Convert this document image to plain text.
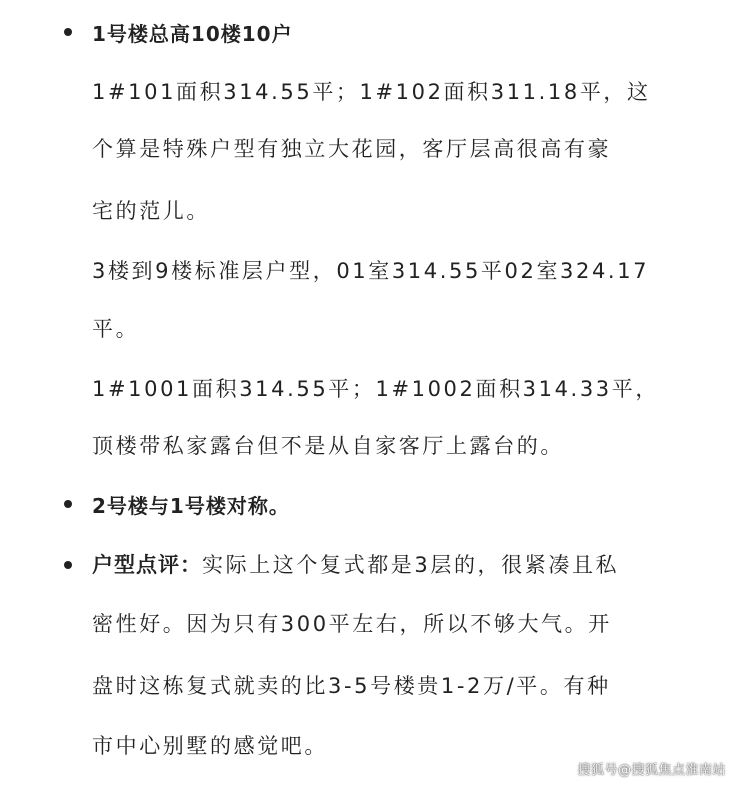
1号楼总高10楼10户
1#101面积314.55平；1#102面积311.18平，这
个算是特殊户型有独立大花园，客厅层高很高有豪
宅的范儿。
3楼到9楼标准层户型，01室314.55平02室324.17
平。
1#1001面积314.55平；1#1002面积314.33平，
顶楼带私家露台但不是从自家客厅上露台的。
2号楼与1号楼对称。
户型点评：实际上这个复式都是3层的，很紧凑且私
密性好。因为只有300平左右，所以不够大气。开
盘时这栋复式就卖的比3-5号楼贵1-2万/平。有种
市中心别墅的感觉吧。
搜狐号@搜狐焦点淮南站
